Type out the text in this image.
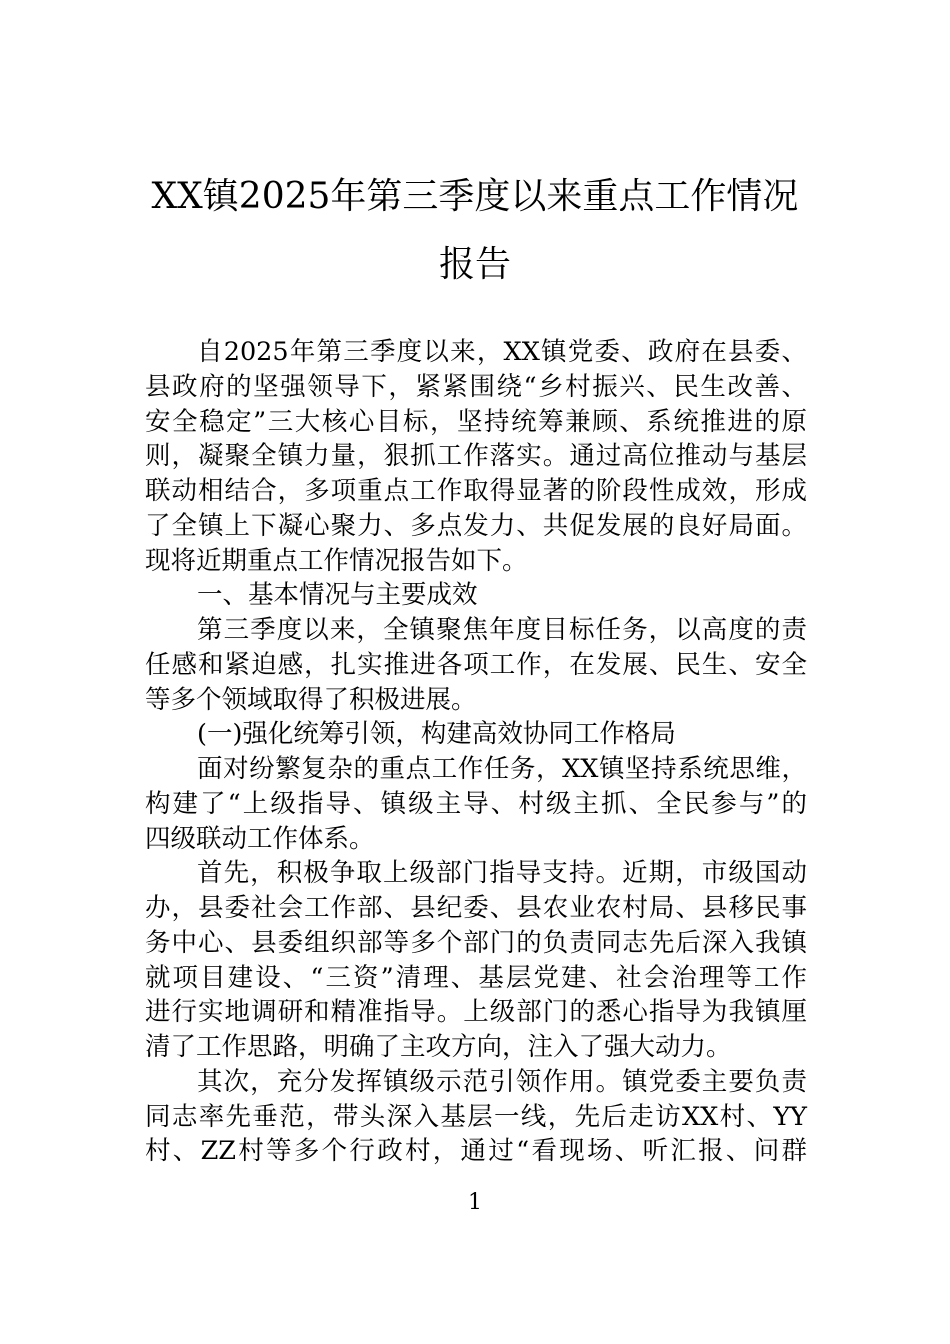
XX镇2025年第三季度以来重点工作情况
报告
自2025年第三季度以来，XX镇党委、政府在县委、
县政府的坚强领导下，紧紧围绕“乡村振兴、民生改善、
安全稳定”三大核心目标，坚持统筹兼顾、系统推进的原
则，凝聚全镇力量，狠抓工作落实。通过高位推动与基层
联动相结合，多项重点工作取得显著的阶段性成效，形成
了全镇上下凝心聚力、多点发力、共促发展的良好局面。
现将近期重点工作情况报告如下。
一、基本情况与主要成效
第三季度以来，全镇聚焦年度目标任务，以高度的责
任感和紧迫感，扎实推进各项工作，在发展、民生、安全
等多个领域取得了积极进展。
(一)强化统筹引领，构建高效协同工作格局
面对纷繁复杂的重点工作任务，XX镇坚持系统思维，
构建了“上级指导、镇级主导、村级主抓、全民参与”的
四级联动工作体系。
首先，积极争取上级部门指导支持。近期，市级国动
办，县委社会工作部、县纪委、县农业农村局、县移民事
务中心、县委组织部等多个部门的负责同志先后深入我镇
就项目建设、“三资”清理、基层党建、社会治理等工作
进行实地调研和精准指导。上级部门的悉心指导为我镇厘
清了工作思路，明确了主攻方向，注入了强大动力。
其次，充分发挥镇级示范引领作用。镇党委主要负责
同志率先垂范，带头深入基层一线，先后走访XX村、YY
村、ZZ村等多个行政村，通过“看现场、听汇报、问群
1
